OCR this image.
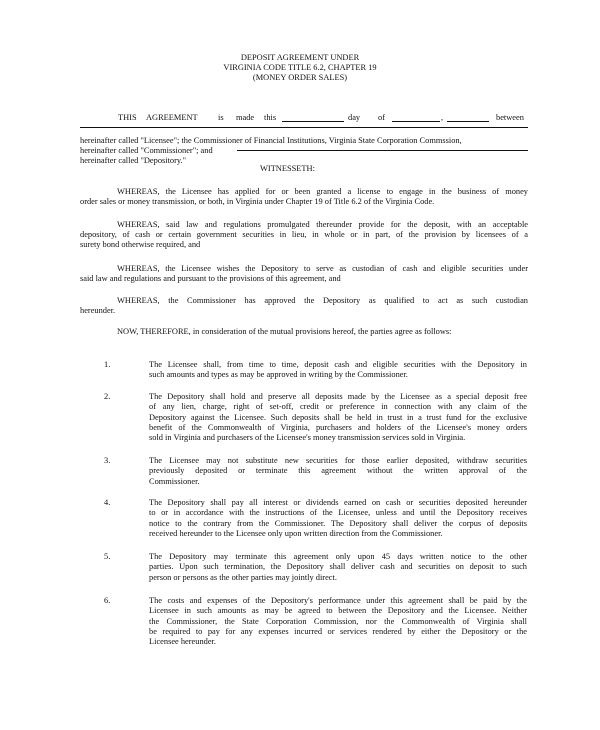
DEPOSIT AGREEMENT UNDER
VIRGINIA CODE TITLE 6.2, CHAPTER 19
(MONEY ORDER SALES)
THIS AGREEMENT is made this	day of	,	between
hereinafter called "Licensee"; the Commissioner of Financial Institutions, Virginia State Corporation Commssion,
hereinafter called "Commissioner"; and
hereinafter called "Depository."
WITNESSETH:
WHEREAS, the Licensee has applied for or been granted a license to engage in the business of money
order sales or money transmission, or both, in Virginia under Chapter 19 of Title 6.2 of the Virginia Code.
WHEREAS, said law and regulations promulgated thereunder provide for the deposit, with an acceptable
depository, of cash or certain government securities in lieu, in whole or in part, of the provision by licensees of a
surety bond otherwise required, and
WHEREAS, the Licensee wishes the Depository to serve as custodian of cash and eligible securities under
said law and regulations and pursuant to the provisions of this agreement, and
WHEREAS, the Commissioner has approved the Depository as qualified to act as such custodian
hereunder.
NOW, THEREFORE, in consideration of the mutual provisions hereof, the parties agree as follows:
1.	The Licensee shall, from time to time, deposit cash and eligible securities with the Depository in
such amounts and types as may be approved in writing by the Commissioner.
2.	The Depository shall hold and preserve all deposits made by the Licensee as a special deposit free
of any lien, charge, right of set-off, credit or preference in connection with any claim of the
Depository against the Licensee. Such deposits shall be held in trust in a trust fund for the exclusive
benefit of the Commonwealth of Virginia, purchasers and holders of the Licensee's money orders
sold in Virginia and purchasers of the Licensee's money transmission services sold in Virginia.
3.	The Licensee may not substitute new securities for those earlier deposited, withdraw securities
previously deposited or terminate this agreement without the written approval of the
Commissioner.
4.	The Depository shall pay all interest or dividends earned on cash or securities deposited hereunder
to or in accordance with the instructions of the Licensee, unless and until the Depository receives
notice to the contrary from the Commissioner. The Depository shall deliver the corpus of deposits
received hereunder to the Licensee only upon written direction from the Commissioner.
5.	The Depository may terminate this agreement only upon 45 days written notice to the other
parties. Upon such termination, the Depository shall deliver cash and securities on deposit to such
person or persons as the other parties may jointly direct.
6.	The costs and expenses of the Depository's performance under this agreement shall be paid by the
Licensee in such amounts as may be agreed to between the Depository and the Licensee. Neither
the Commissioner, the State Corporation Commission, nor the Commonwealth of Virginia shall
be required to pay for any expenses incurred or services rendered by either the Depository or the
Licensee hereunder.
